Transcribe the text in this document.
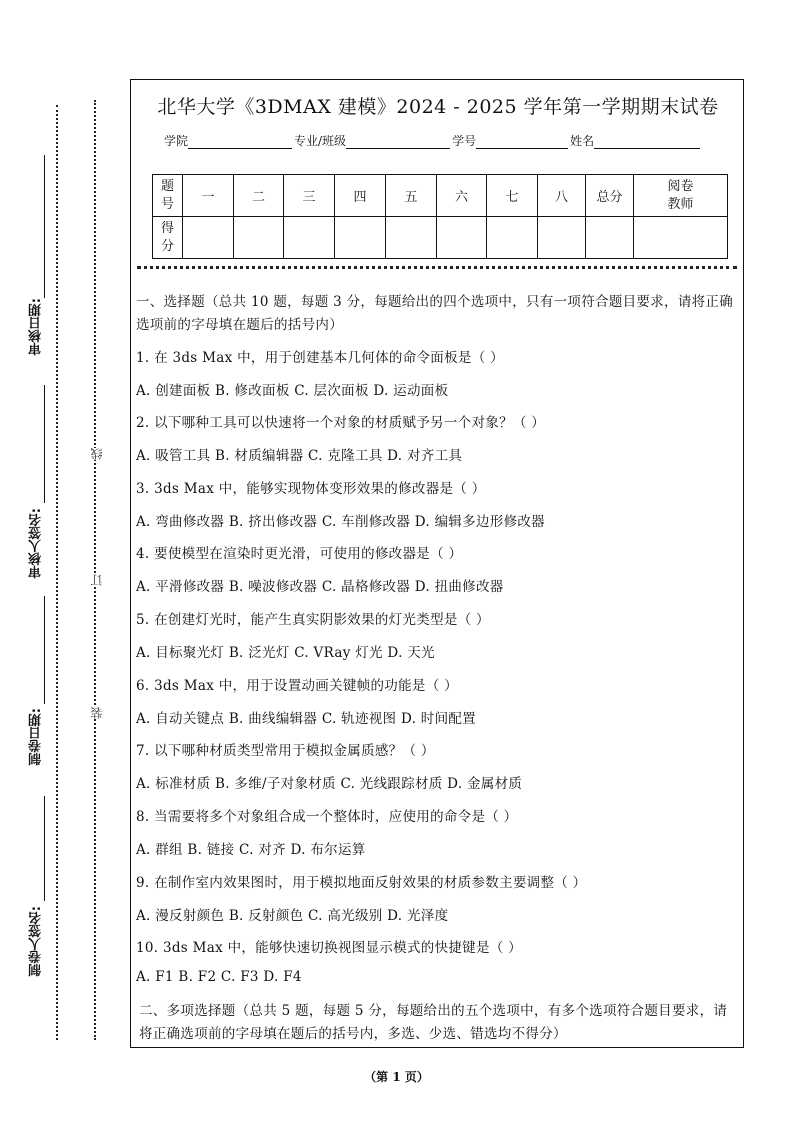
审核日期:
审核人签名:
制卷日期:
制卷人签名:
线
订
装
北华大学《3DMAX 建模》2024 - 2025 学年第一学期期末试卷
学院	专业/班级	学号	姓名
题号	一	二	三	四	五	六	七	八	总分	阅卷教师
得分										
一、选择题（总共 10 题，每题 3 分，每题给出的四个选项中，只有一项符合题目要求，请将正确选项前的字母填在题后的括号内）
1. 在 3ds Max 中，用于创建基本几何体的命令面板是（ ）
A. 创建面板 B. 修改面板 C. 层次面板 D. 运动面板
2. 以下哪种工具可以快速将一个对象的材质赋予另一个对象？（ ）
A. 吸管工具 B. 材质编辑器 C. 克隆工具 D. 对齐工具
3. 3ds Max 中，能够实现物体变形效果的修改器是（ ）
A. 弯曲修改器 B. 挤出修改器 C. 车削修改器 D. 编辑多边形修改器
4. 要使模型在渲染时更光滑，可使用的修改器是（ ）
A. 平滑修改器 B. 噪波修改器 C. 晶格修改器 D. 扭曲修改器
5. 在创建灯光时，能产生真实阴影效果的灯光类型是（ ）
A. 目标聚光灯 B. 泛光灯 C. VRay 灯光 D. 天光
6. 3ds Max 中，用于设置动画关键帧的功能是（ ）
A. 自动关键点 B. 曲线编辑器 C. 轨迹视图 D. 时间配置
7. 以下哪种材质类型常用于模拟金属质感？（ ）
A. 标准材质 B. 多维/子对象材质 C. 光线跟踪材质 D. 金属材质
8. 当需要将多个对象组合成一个整体时，应使用的命令是（ ）
A. 群组 B. 链接 C. 对齐 D. 布尔运算
9. 在制作室内效果图时，用于模拟地面反射效果的材质参数主要调整（ ）
A. 漫反射颜色 B. 反射颜色 C. 高光级别 D. 光泽度
10. 3ds Max 中，能够快速切换视图显示模式的快捷键是（ ）
A. F1 B. F2 C. F3 D. F4
二、多项选择题（总共 5 题，每题 5 分，每题给出的五个选项中，有多个选项符合题目要求，请将正确选项前的字母填在题后的括号内，多选、少选、错选均不得分）
（第 1 页）
